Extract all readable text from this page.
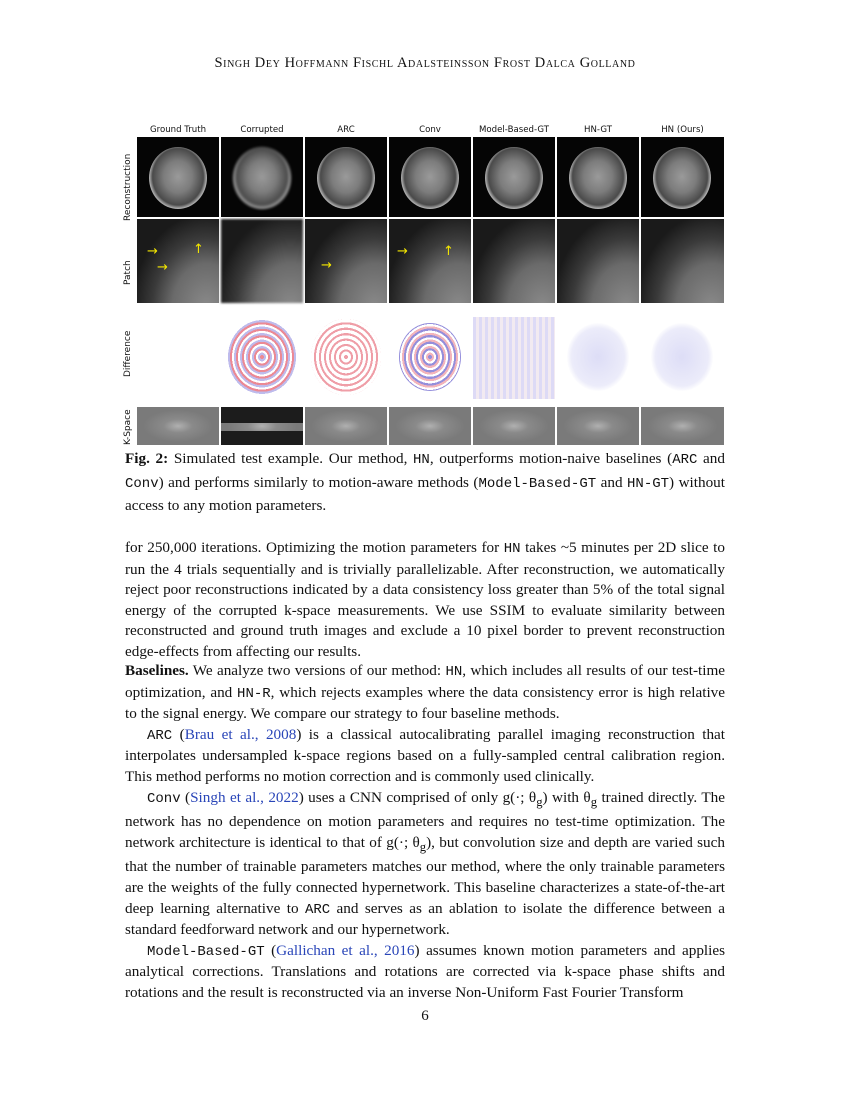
Singh Dey Hoffmann Fischl Adalsteinsson Frost Dalca Golland
Ground Truth	Corrupted	ARC	Conv	Model-Based-GT	HN-GT	HN (Ours)
Reconstruction
Patch
Difference
K-Space
→
→
↑
→
→	↑
Fig. 2: Simulated test example. Our method, HN, outperforms motion-naive baselines (ARC and Conv) and performs similarly to motion-aware methods (Model-Based-GT and HN-GT) without access to any motion parameters.

for 250,000 iterations. Optimizing the motion parameters for HN takes ~5 minutes per 2D slice to run the 4 trials sequentially and is trivially parallelizable. After reconstruction, we automatically reject poor reconstructions indicated by a data consistency loss greater than 5% of the total signal energy of the corrupted k-space measurements. We use SSIM to evaluate similarity between reconstructed and ground truth images and exclude a 10 pixel border to prevent reconstruction edge-effects from affecting our results.

Baselines. We analyze two versions of our method: HN, which includes all results of our test-time optimization, and HN-R, which rejects examples where the data consistency error is high relative to the signal energy. We compare our strategy to four baseline methods.

ARC (Brau et al., 2008) is a classical autocalibrating parallel imaging reconstruction that interpolates undersampled k-space regions based on a fully-sampled central calibration region. This method performs no motion correction and is commonly used clinically.

Conv (Singh et al., 2022) uses a CNN comprised of only g(·; $\theta_g$) with $\theta_g$ trained directly. The network has no dependence on motion parameters and requires no test-time optimization. The network architecture is identical to that of g(·; $\theta_g$), but convolution size and depth are varied such that the number of trainable parameters matches our method, where the only trainable parameters are the weights of the fully connected hypernetwork. This baseline characterizes a state-of-the-art deep learning alternative to ARC and serves as an ablation to isolate the difference between a standard feedforward network and our hypernetwork.

Model-Based-GT (Gallichan et al., 2016) assumes known motion parameters and applies analytical corrections. Translations and rotations are corrected via k-space phase shifts and rotations and the result is reconstructed via an inverse Non-Uniform Fast Fourier Transform

6
